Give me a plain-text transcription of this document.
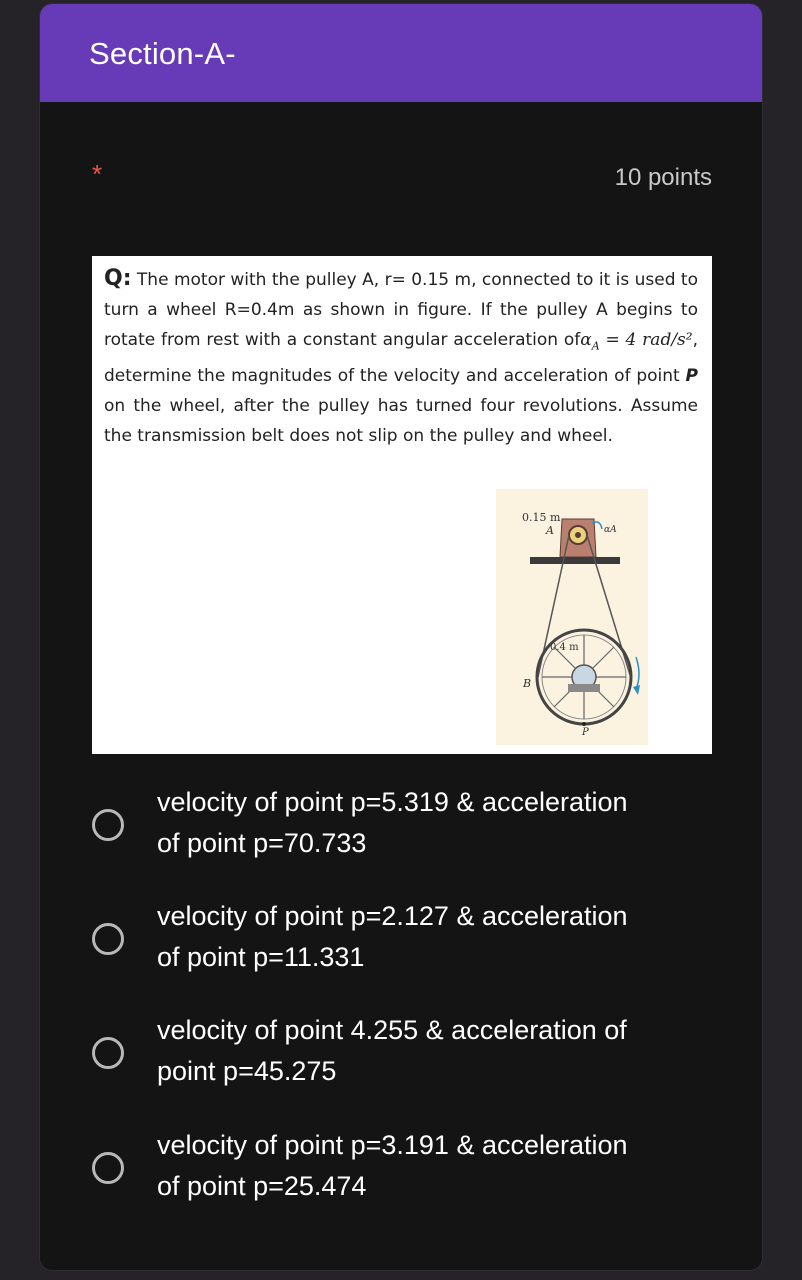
Section-A-
*	10 points
Q: The motor with the pulley A, r= 0.15 m, connected to it is used to turn a wheel R=0.4m as shown in figure. If the pulley A begins to rotate from rest with a constant angular acceleration ofα$_A$ = 4 rad/s², determine the magnitudes of the velocity and acceleration of point P on the wheel, after the pulley has turned four revolutions. Assume the transmission belt does not slip on the pulley and wheel.
0.15 m
A	αA
0.4 m
B
P
velocity of point p=5.319 & acceleration
of point p=70.733
velocity of point p=2.127 & acceleration
of point p=11.331
velocity of point 4.255 & acceleration of
point p=45.275
velocity of point p=3.191 & acceleration
of point p=25.474
